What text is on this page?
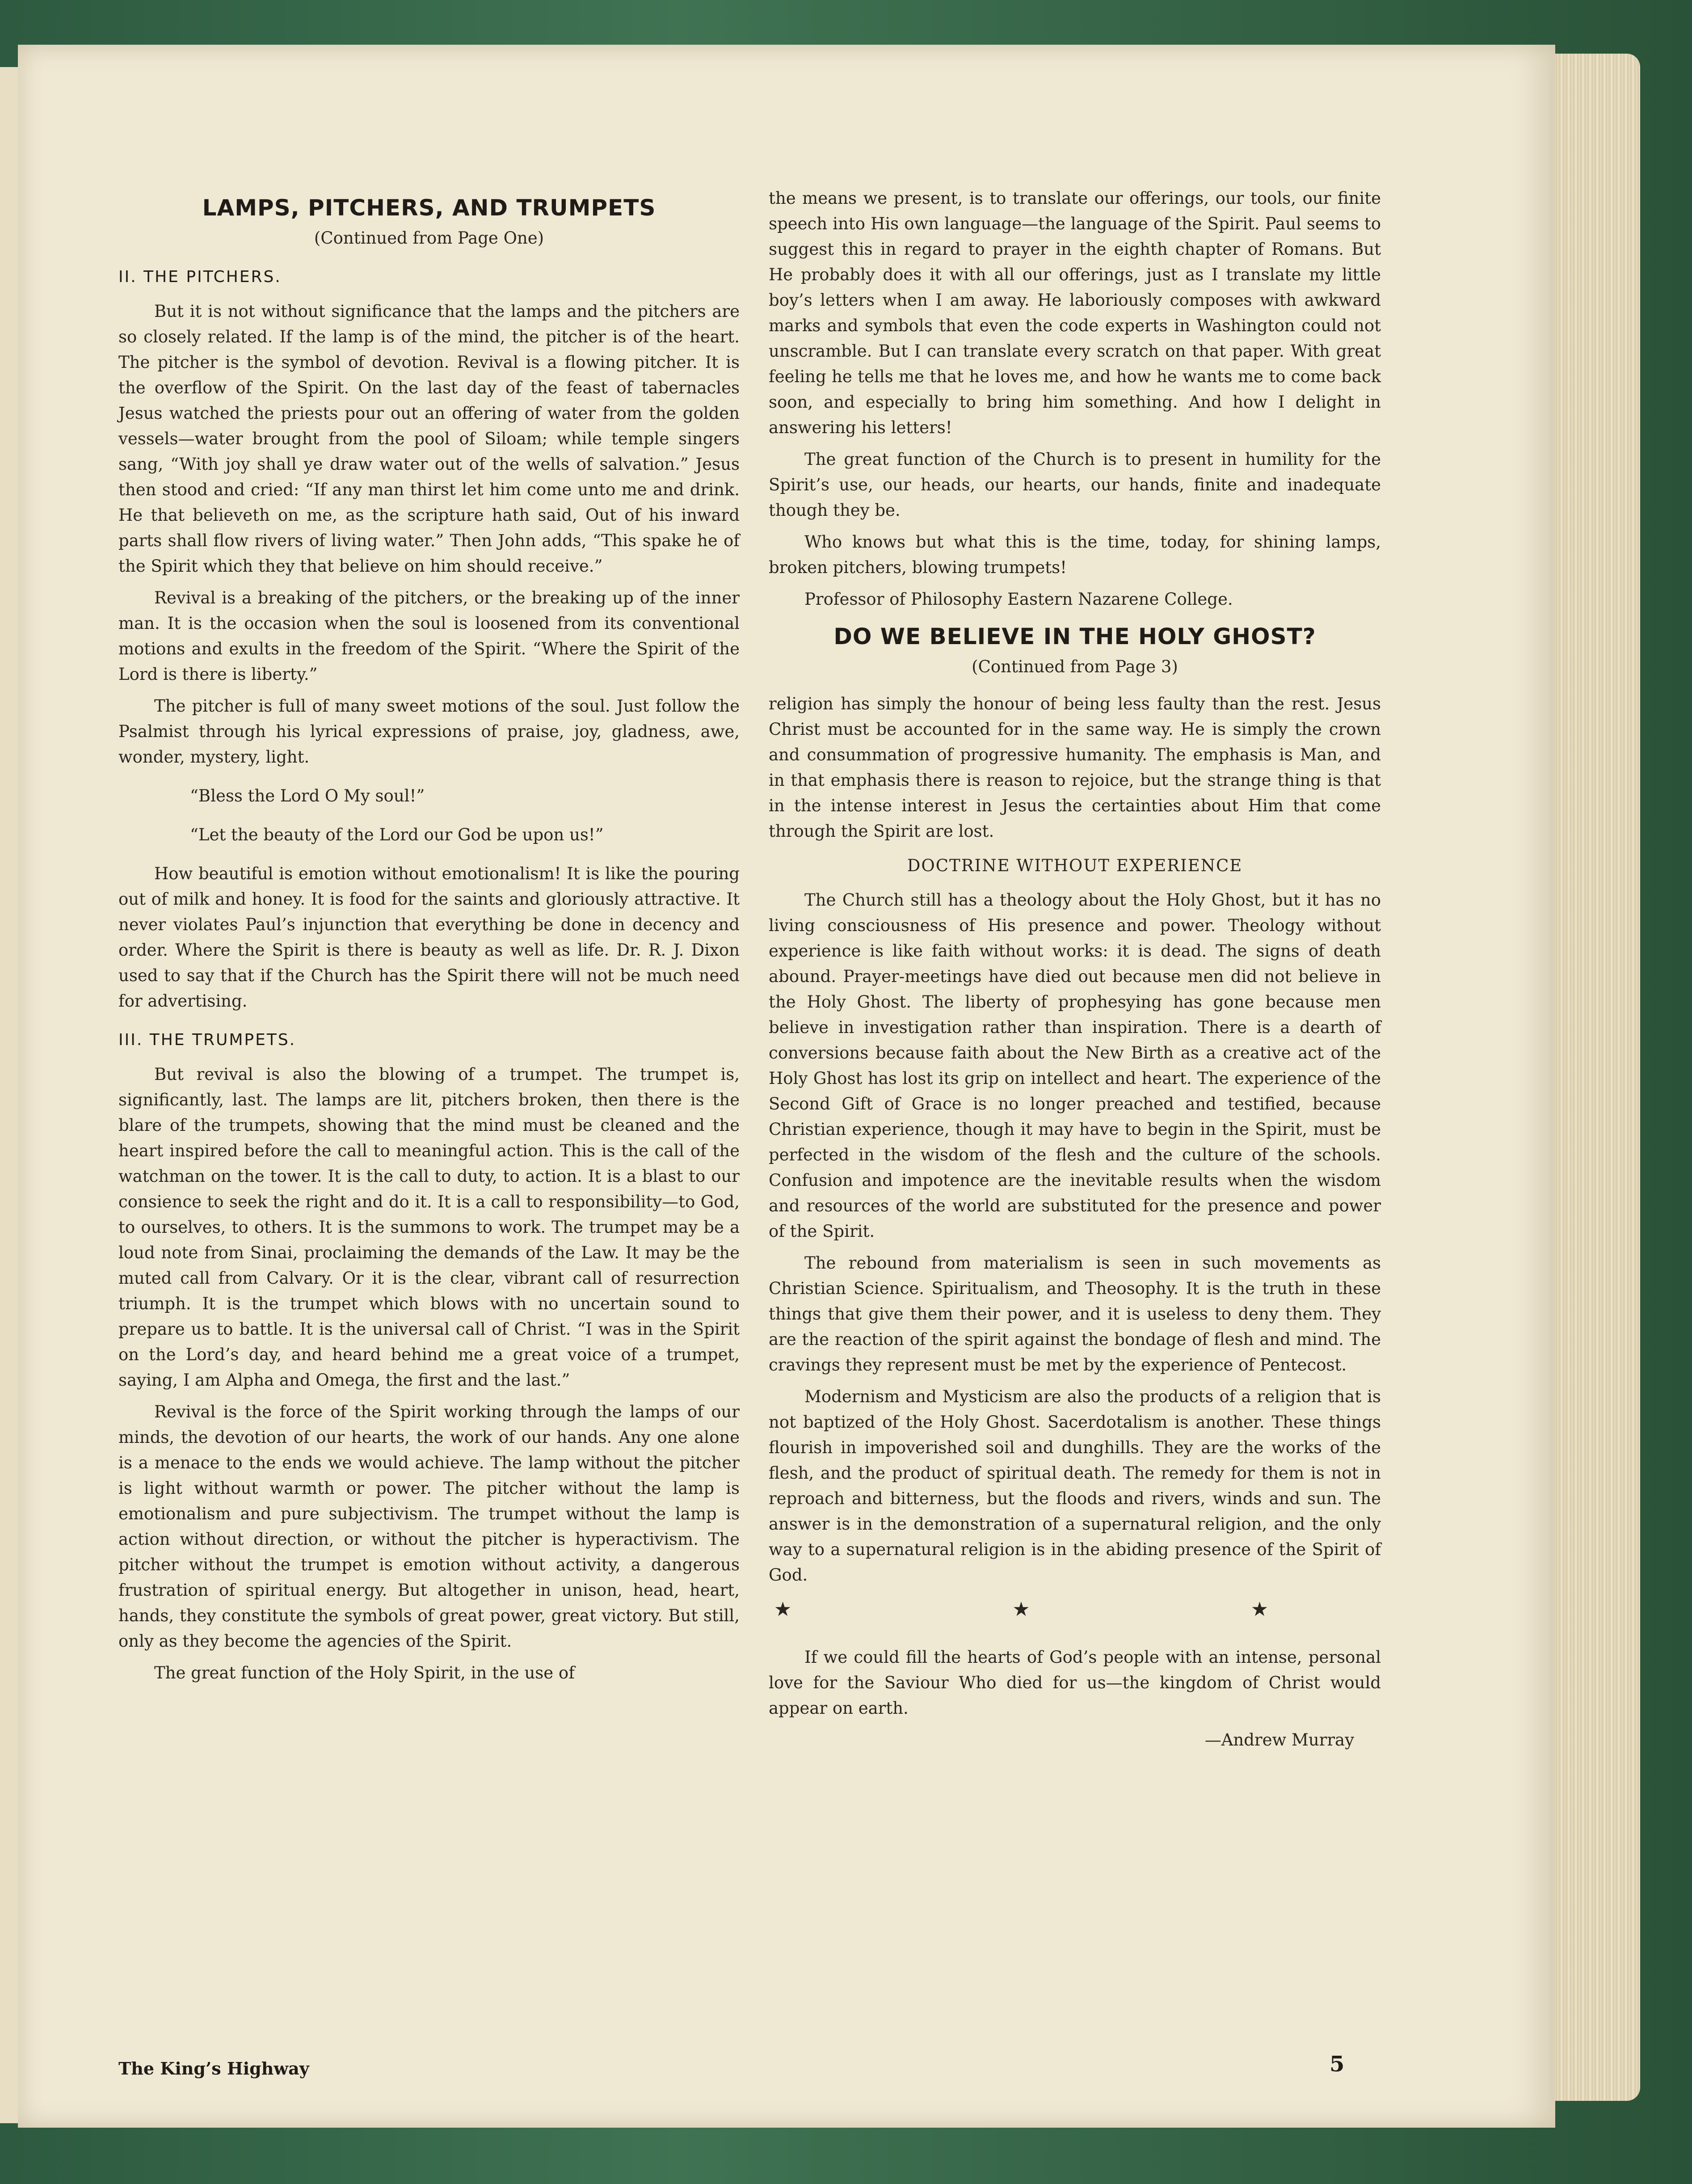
LAMPS, PITCHERS, AND TRUMPETS
(Continued from Page One)
II. THE PITCHERS.

But it is not without significance that the lamps and the pitchers are so closely related. If the lamp is of the mind, the pitcher is of the heart. The pitcher is the symbol of devotion. Revival is a flowing pitcher. It is the overflow of the Spirit. On the last day of the feast of tabernacles Jesus watched the priests pour out an offering of water from the golden vessels—water brought from the pool of Siloam; while temple singers sang, “With joy shall ye draw water out of the wells of salvation.” Jesus then stood and cried: “If any man thirst let him come unto me and drink. He that believeth on me, as the scripture hath said, Out of his inward parts shall flow rivers of living water.” Then John adds, “This spake he of the Spirit which they that believe on him should receive.”

Revival is a breaking of the pitchers, or the breaking up of the inner man. It is the occasion when the soul is loosened from its conventional motions and exults in the freedom of the Spirit. “Where the Spirit of the Lord is there is liberty.”

The pitcher is full of many sweet motions of the soul. Just follow the Psalmist through his lyrical expressions of praise, joy, gladness, awe, wonder, mystery, light.

“Bless the Lord O My soul!”

“Let the beauty of the Lord our God be upon us!”

How beautiful is emotion without emotionalism! It is like the pouring out of milk and honey. It is food for the saints and gloriously attractive. It never violates Paul’s injunction that everything be done in decency and order. Where the Spirit is there is beauty as well as life. Dr. R. J. Dixon used to say that if the Church has the Spirit there will not be much need for advertising.

III. THE TRUMPETS.

But revival is also the blowing of a trumpet. The trumpet is, significantly, last. The lamps are lit, pitchers broken, then there is the blare of the trumpets, showing that the mind must be cleaned and the heart inspired before the call to meaningful action. This is the call of the watchman on the tower. It is the call to duty, to action. It is a blast to our consience to seek the right and do it. It is a call to responsibility—to God, to ourselves, to others. It is the summons to work. The trumpet may be a loud note from Sinai, proclaiming the demands of the Law. It may be the muted call from Calvary. Or it is the clear, vibrant call of resurrection triumph. It is the trumpet which blows with no uncertain sound to prepare us to battle. It is the universal call of Christ. “I was in the Spirit on the Lord’s day, and heard behind me a great voice of a trumpet, saying, I am Alpha and Omega, the first and the last.”

Revival is the force of the Spirit working through the lamps of our minds, the devotion of our hearts, the work of our hands. Any one alone is a menace to the ends we would achieve. The lamp without the pitcher is light without warmth or power. The pitcher without the lamp is emotionalism and pure subjectivism. The trumpet without the lamp is action without direction, or without the pitcher is hyperactivism. The pitcher without the trumpet is emotion without activity, a dangerous frustration of spiritual energy. But altogether in unison, head, heart, hands, they constitute the symbols of great power, great victory. But still, only as they become the agencies of the Spirit.

The great function of the Holy Spirit, in the use of

the means we present, is to translate our offerings, our tools, our finite speech into His own language—the language of the Spirit. Paul seems to suggest this in regard to prayer in the eighth chapter of Romans. But He probably does it with all our offerings, just as I translate my little boy’s letters when I am away. He laboriously composes with awkward marks and symbols that even the code experts in Washington could not unscramble. But I can translate every scratch on that paper. With great feeling he tells me that he loves me, and how he wants me to come back soon, and especially to bring him something. And how I delight in answering his letters!

The great function of the Church is to present in humility for the Spirit’s use, our heads, our hearts, our hands, finite and inadequate though they be.

Who knows but what this is the time, today, for shining lamps, broken pitchers, blowing trumpets!

Professor of Philosophy Eastern Nazarene College.
DO WE BELIEVE IN THE HOLY GHOST?
(Continued from Page 3)

religion has simply the honour of being less faulty than the rest. Jesus Christ must be accounted for in the same way. He is simply the crown and consummation of progressive humanity. The emphasis is Man, and in that emphasis there is reason to rejoice, but the strange thing is that in the intense interest in Jesus the certainties about Him that come through the Spirit are lost.

DOCTRINE WITHOUT EXPERIENCE

The Church still has a theology about the Holy Ghost, but it has no living consciousness of His presence and power. Theology without experience is like faith without works: it is dead. The signs of death abound. Prayer-meetings have died out because men did not believe in the Holy Ghost. The liberty of prophesying has gone because men believe in investigation rather than inspiration. There is a dearth of conversions because faith about the New Birth as a creative act of the Holy Ghost has lost its grip on intellect and heart. The experience of the Second Gift of Grace is no longer preached and testified, because Christian experience, though it may have to begin in the Spirit, must be perfected in the wisdom of the flesh and the culture of the schools. Confusion and impotence are the inevitable results when the wisdom and resources of the world are substituted for the presence and power of the Spirit.

The rebound from materialism is seen in such movements as Christian Science. Spiritualism, and Theosophy. It is the truth in these things that give them their power, and it is useless to deny them. They are the reaction of the spirit against the bondage of flesh and mind. The cravings they represent must be met by the experience of Pentecost.

Modernism and Mysticism are also the products of a religion that is not baptized of the Holy Ghost. Sacerdotalism is another. These things flourish in impoverished soil and dunghills. They are the works of the flesh, and the product of spiritual death. The remedy for them is not in reproach and bitterness, but the floods and rivers, winds and sun. The answer is in the demonstration of a supernatural religion, and the only way to a supernatural religion is in the abiding presence of the Spirit of God.

★ ★ ★

If we could fill the hearts of God’s people with an intense, personal love for the Saviour Who died for us—the kingdom of Christ would appear on earth.

—Andrew Murray
The King’s Highway	5
